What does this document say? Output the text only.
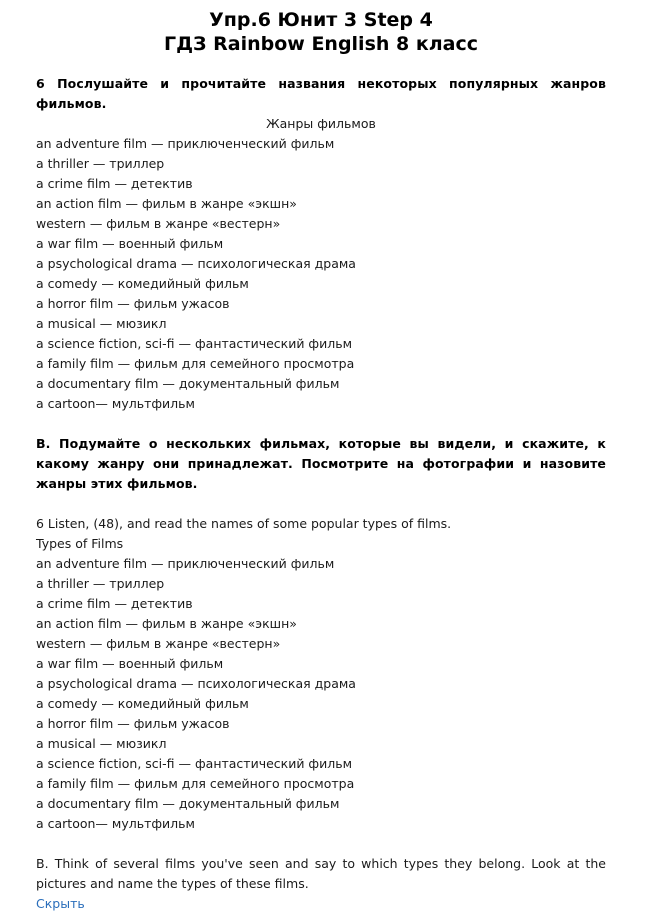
Упр.6 Юнит 3 Step 4
ГДЗ Rainbow English 8 класс
6 Послушайте и прочитайте названия некоторых популярных жанров фильмов.
Жанры фильмов
an adventure film — приключенческий фильм
a thriller — триллер
a crime film — детектив
an action film — фильм в жанре «экшн»
western — фильм в жанре «вестерн»
a war film — военный фильм
a psychological drama — психологическая драма
a comedy — комедийный фильм
a horror film — фильм ужасов
a musical — мюзикл
a science fiction, sci-fi — фантастический фильм
a family film — фильм для семейного просмотра
a documentary film — документальный фильм
a cartoon— мультфильм
В. Подумайте о нескольких фильмах, которые вы видели, и скажите, к какому жанру они принадлежат. Посмотрите на фотографии и назовите жанры этих фильмов.
6 Listen, (48), and read the names of some popular types of films.
Types of Films
an adventure film — приключенческий фильм
a thriller — триллер
a crime film — детектив
an action film — фильм в жанре «экшн»
western — фильм в жанре «вестерн»
a war film — военный фильм
a psychological drama — психологическая драма
a comedy — комедийный фильм
a horror film — фильм ужасов
a musical — мюзикл
a science fiction, sci-fi — фантастический фильм
a family film — фильм для семейного просмотра
a documentary film — документальный фильм
a cartoon— мультфильм
B. Think of several films you've seen and say to which types they belong. Look at the pictures and name the types of these films.
Скрыть
